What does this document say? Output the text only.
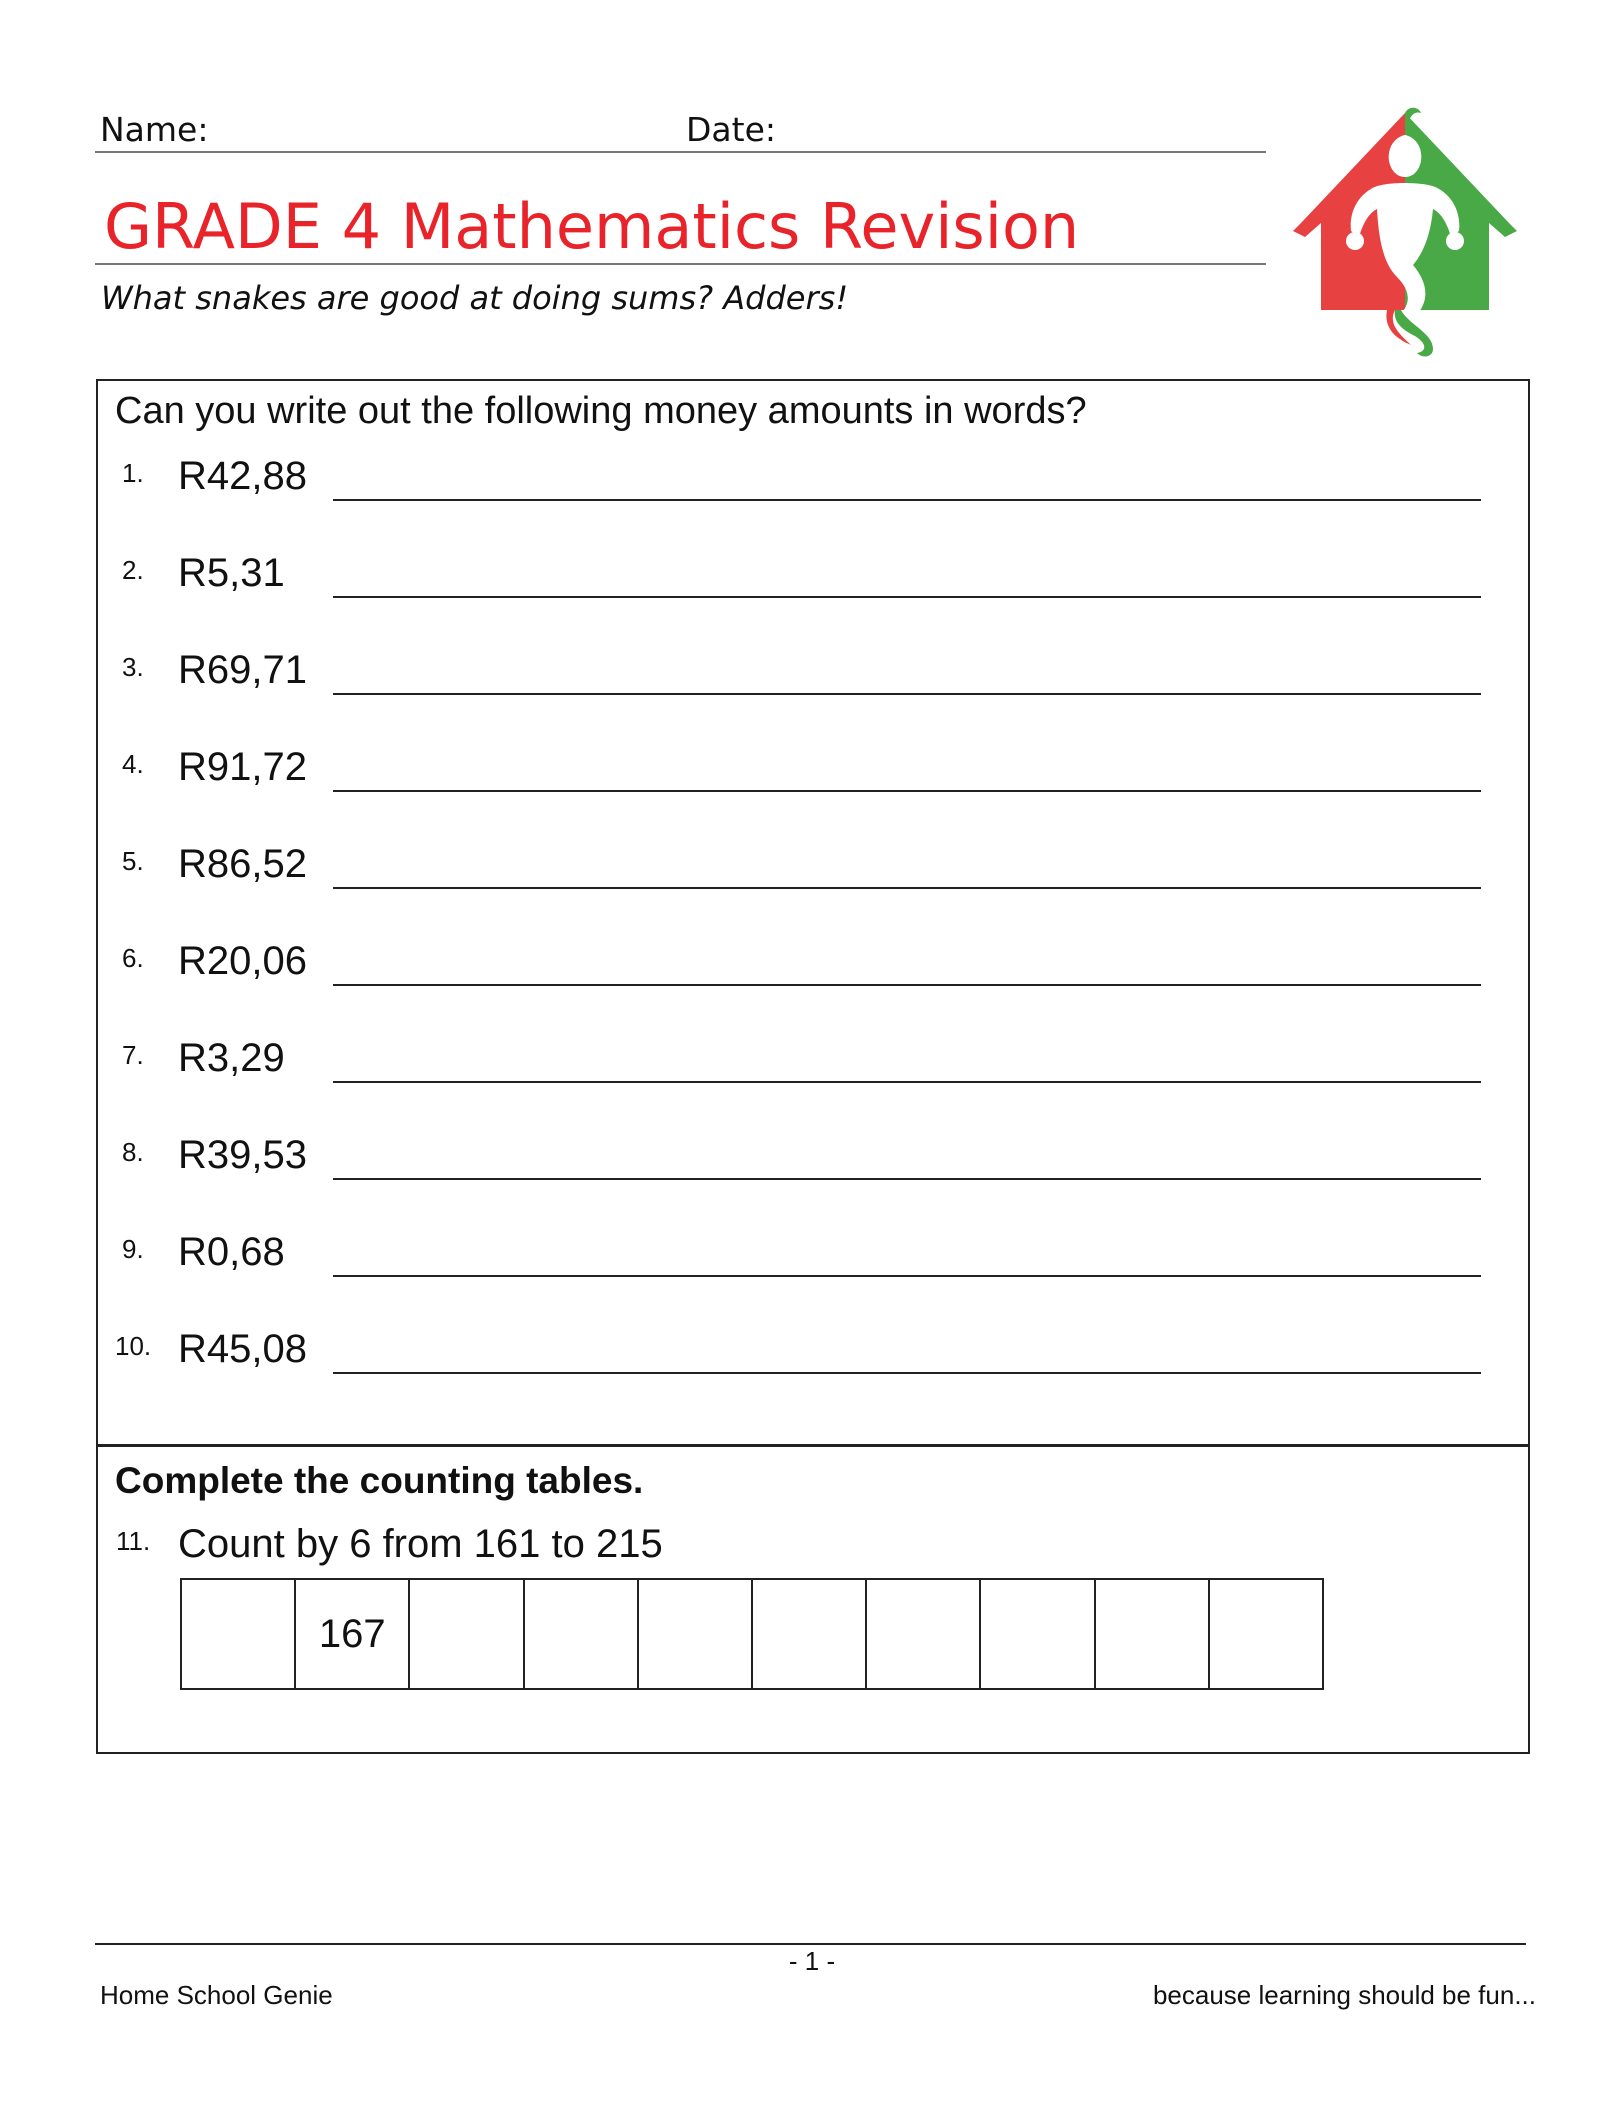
Name:	Date:
GRADE 4 Mathematics Revision
What snakes are good at doing sums? Adders!
Can you write out the following money amounts in words?
1. R42,88
2. R5,31
3. R69,71
4. R91,72
5. R86,52
6. R20,06
7. R3,29
8. R39,53
9. R0,68
10. R45,08
Complete the counting tables.
11. Count by 6 from 161 to 215
167
- 1 -
Home School Genie	because learning should be fun...
